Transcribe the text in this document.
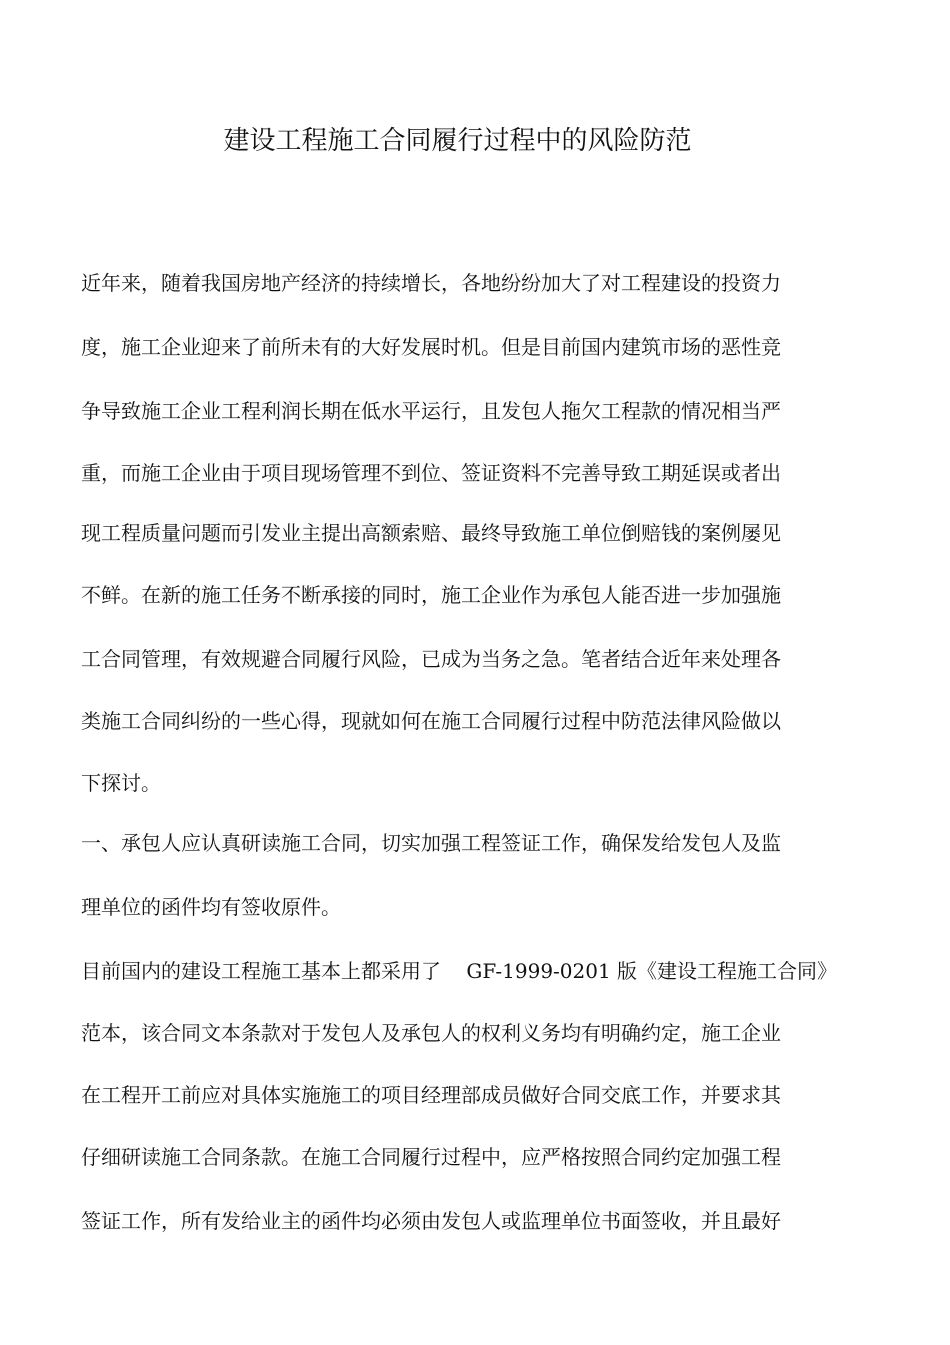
建设工程施工合同履行过程中的风险防范
近年来，随着我国房地产经济的持续增长，各地纷纷加大了对工程建设的投资力
度，施工企业迎来了前所未有的大好发展时机。但是目前国内建筑市场的恶性竞
争导致施工企业工程利润长期在低水平运行，且发包人拖欠工程款的情况相当严
重，而施工企业由于项目现场管理不到位、签证资料不完善导致工期延误或者出
现工程质量问题而引发业主提出高额索赔、最终导致施工单位倒赔钱的案例屡见
不鲜。在新的施工任务不断承接的同时，施工企业作为承包人能否进一步加强施
工合同管理，有效规避合同履行风险，已成为当务之急。笔者结合近年来处理各
类施工合同纠纷的一些心得，现就如何在施工合同履行过程中防范法律风险做以
下探讨。
一、承包人应认真研读施工合同，切实加强工程签证工作，确保发给发包人及监
理单位的函件均有签收原件。
目前国内的建设工程施工基本上都采用了    GF-1999-0201 版《建设工程施工合同》
范本，该合同文本条款对于发包人及承包人的权利义务均有明确约定，施工企业
在工程开工前应对具体实施施工的项目经理部成员做好合同交底工作，并要求其
仔细研读施工合同条款。在施工合同履行过程中，应严格按照合同约定加强工程
签证工作，所有发给业主的函件均必须由发包人或监理单位书面签收，并且最好
